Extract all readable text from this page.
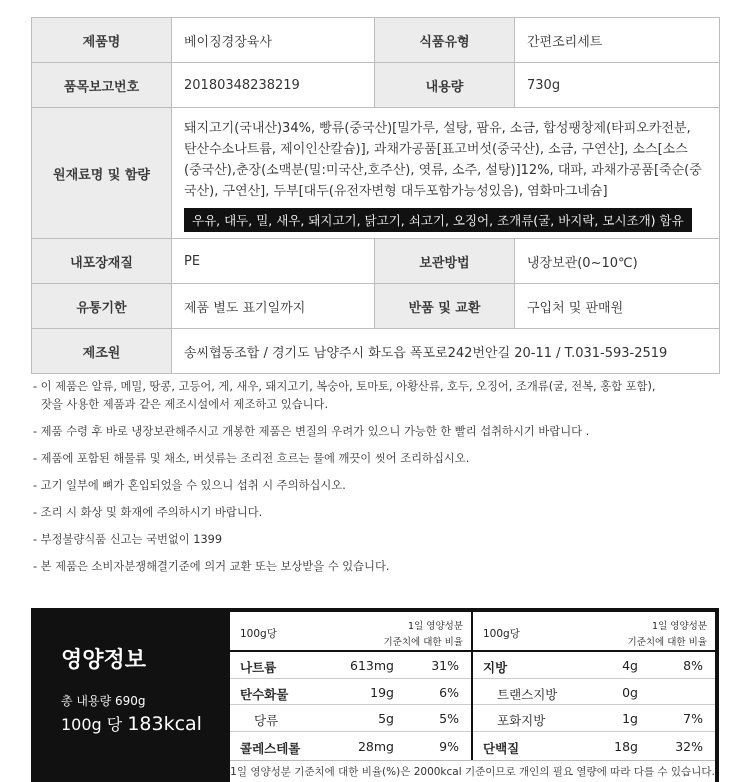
제품명	베이징경장육사	식품유형	간편조리세트
품목보고번호	20180348238219	내용량	730g
원재료명 및 함량	돼지고기(국내산)34%, 빵류(중국산)[밀가루, 설탕, 팜유, 소금, 합성팽창제(타피오카전분,
탄산수소나트륨, 제이인산칼슘)], 과채가공품[표고버섯(중국산), 소금, 구연산], 소스[소스
(중국산),춘장(소맥분(밀:미국산,호주산), 엿류, 소주, 설탕)]12%, 대파, 과채가공품[죽순(중
국산), 구연산], 두부[대두(유전자변형 대두포함가능성있음), 염화마그네슘]
우유, 대두, 밀, 새우, 돼지고기, 닭고기, 쇠고기, 오징어, 조개류(굴, 바지락, 모시조개) 함유		
내포장재질	PE	보관방법	냉장보관(0~10℃)
유통기한	제품 별도 표기일까지	반품 및 교환	구입처 및 판매원
제조원	송씨협동조합 / 경기도 남양주시 화도읍 폭포로242번안길 20-11 / T.031-593-2519		
- 이 제품은 알류, 메밀, 땅콩, 고등어, 게, 새우, 돼지고기, 복숭아, 토마토, 아황산류, 호두, 오징어, 조개류(굴, 전복, 홍합 포함),
잣을 사용한 제품과 같은 제조시설에서 제조하고 있습니다.
- 제품 수령 후 바로 냉장보관해주시고 개봉한 제품은 변질의 우려가 있으니 가능한 한 빨리 섭취하시기 바랍니다 .
- 제품에 포함된 해물류 및 채소, 버섯류는 조리전 흐르는 물에 깨끗이 씻어 조리하십시오.
- 고기 일부에 뼈가 혼입되었을 수 있으니 섭취 시 주의하십시오.
- 조리 시 화상 및 화재에 주의하시기 바랍니다.
- 부정불량식품 신고는 국번없이 1399
- 본 제품은 소비자분쟁해결기준에 의거 교환 또는 보상받을 수 있습니다.
영양정보
총 내용량 690g
100g 당 183kcal
100g당
1일 영양성분
기준치에 대한 비율
나트륨	613mg	31%
탄수화물	19g	6%
당류	5g	5%
콜레스테롤	28mg	9%
100g당
1일 영양성분
기준치에 대한 비율
지방	4g	8%
트랜스지방	0g
포화지방	1g	7%
단백질	18g	32%
1일 영양성분 기준치에 대한 비율(%)은 2000kcal 기준이므로 개인의 필요 열량에 따라 다를 수 있습니다.
